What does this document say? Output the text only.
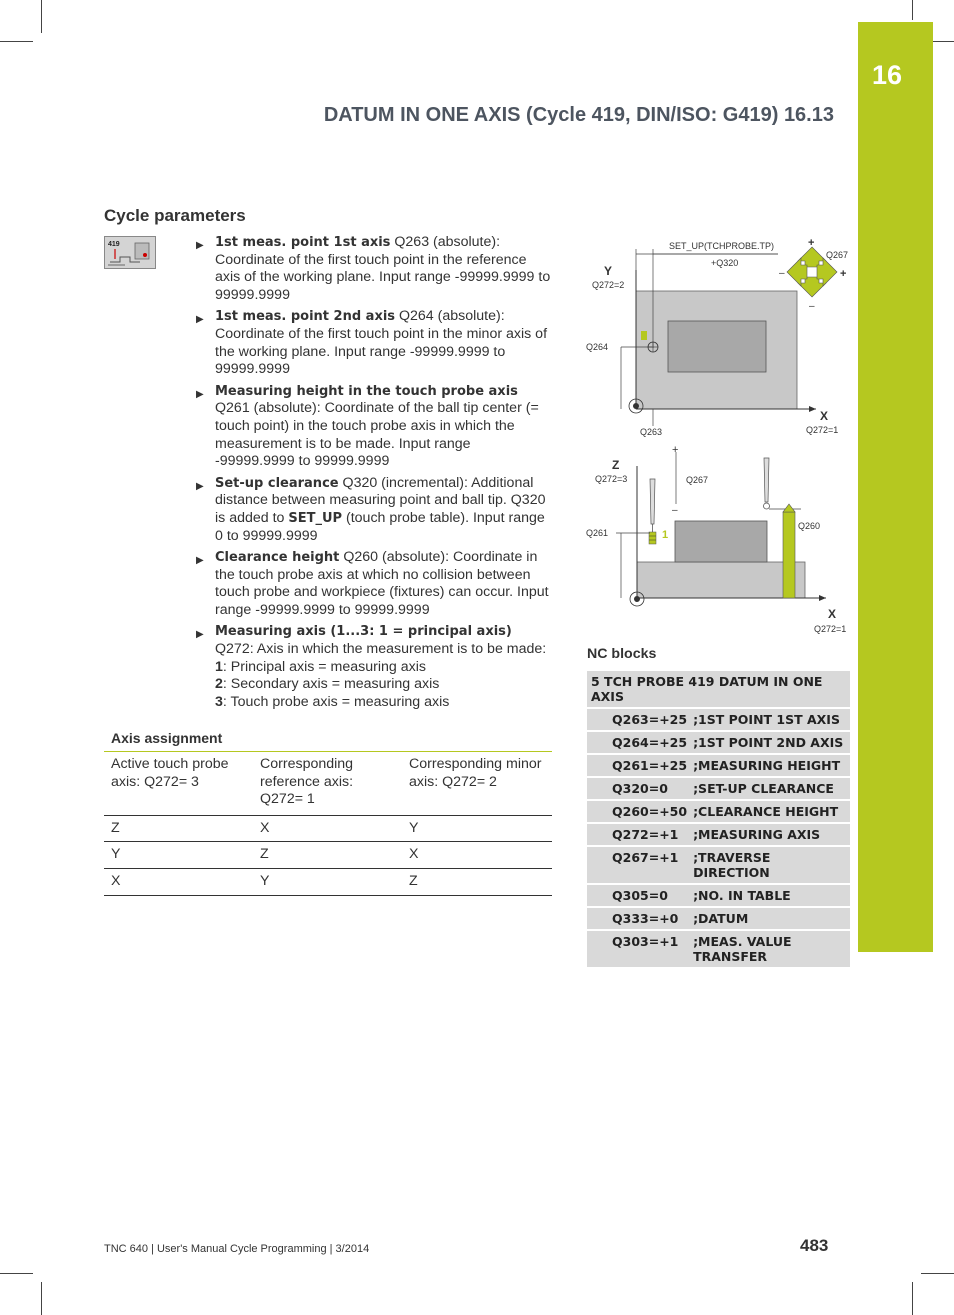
16
DATUM IN ONE AXIS (Cycle 419, DIN/ISO: G419) 16.13
Cycle parameters
419	▶ 1st meas. point 1st axis Q263 (absolute): Coordinate of the first touch point in the reference axis of the working plane. Input range -99999.9999 to 99999.9999
▶ 1st meas. point 2nd axis Q264 (absolute): Coordinate of the first touch point in the minor axis of the working plane. Input range -99999.9999 to 99999.9999
▶ Measuring height in the touch probe axis Q261 (absolute): Coordinate of the ball tip center (= touch point) in the touch probe axis in which the measurement is to be made. Input range -99999.9999 to 99999.9999
▶ Set-up clearance Q320 (incremental): Additional distance between measuring point and ball tip. Q320 is added to SET_UP (touch probe table). Input range 0 to 99999.9999
▶ Clearance height Q260 (absolute): Coordinate in the touch probe axis at which no collision between touch probe and workpiece (fixtures) can occur. Input range -99999.9999 to 99999.9999
▶ Measuring axis (1...3: 1 = principal axis) Q272: Axis in which the measurement is to be made:
1: Principal axis = measuring axis
2: Secondary axis = measuring axis
3: Touch probe axis = measuring axis
Axis assignment		
Active touch probe axis: Q272= 3	Corresponding reference axis: Q272= 1	Corresponding minor axis: Q272= 2
Z	X	Y
Y	Z	X
X	Y	Z
SET_UP(TCHPROBE.TP)
+Q320
Y
Q272=2
Q264
Q263
X
Q272=1
+
+
–
–
Q267
Z
Q272=3
+
–
Q267
Q261	1
Q260
X
Q272=1
NC blocks
5 TCH PROBE 419 DATUM IN ONE AXIS	
Q263=+25	;1ST POINT 1ST AXIS
Q264=+25	;1ST POINT 2ND AXIS
Q261=+25	;MEASURING HEIGHT
Q320=0	;SET-UP CLEARANCE
Q260=+50	;CLEARANCE HEIGHT
Q272=+1	;MEASURING AXIS
Q267=+1	;TRAVERSE DIRECTION
Q305=0	;NO. IN TABLE
Q333=+0	;DATUM
Q303=+1	;MEAS. VALUE TRANSFER
TNC 640 | User's Manual Cycle Programming | 3/2014	483
